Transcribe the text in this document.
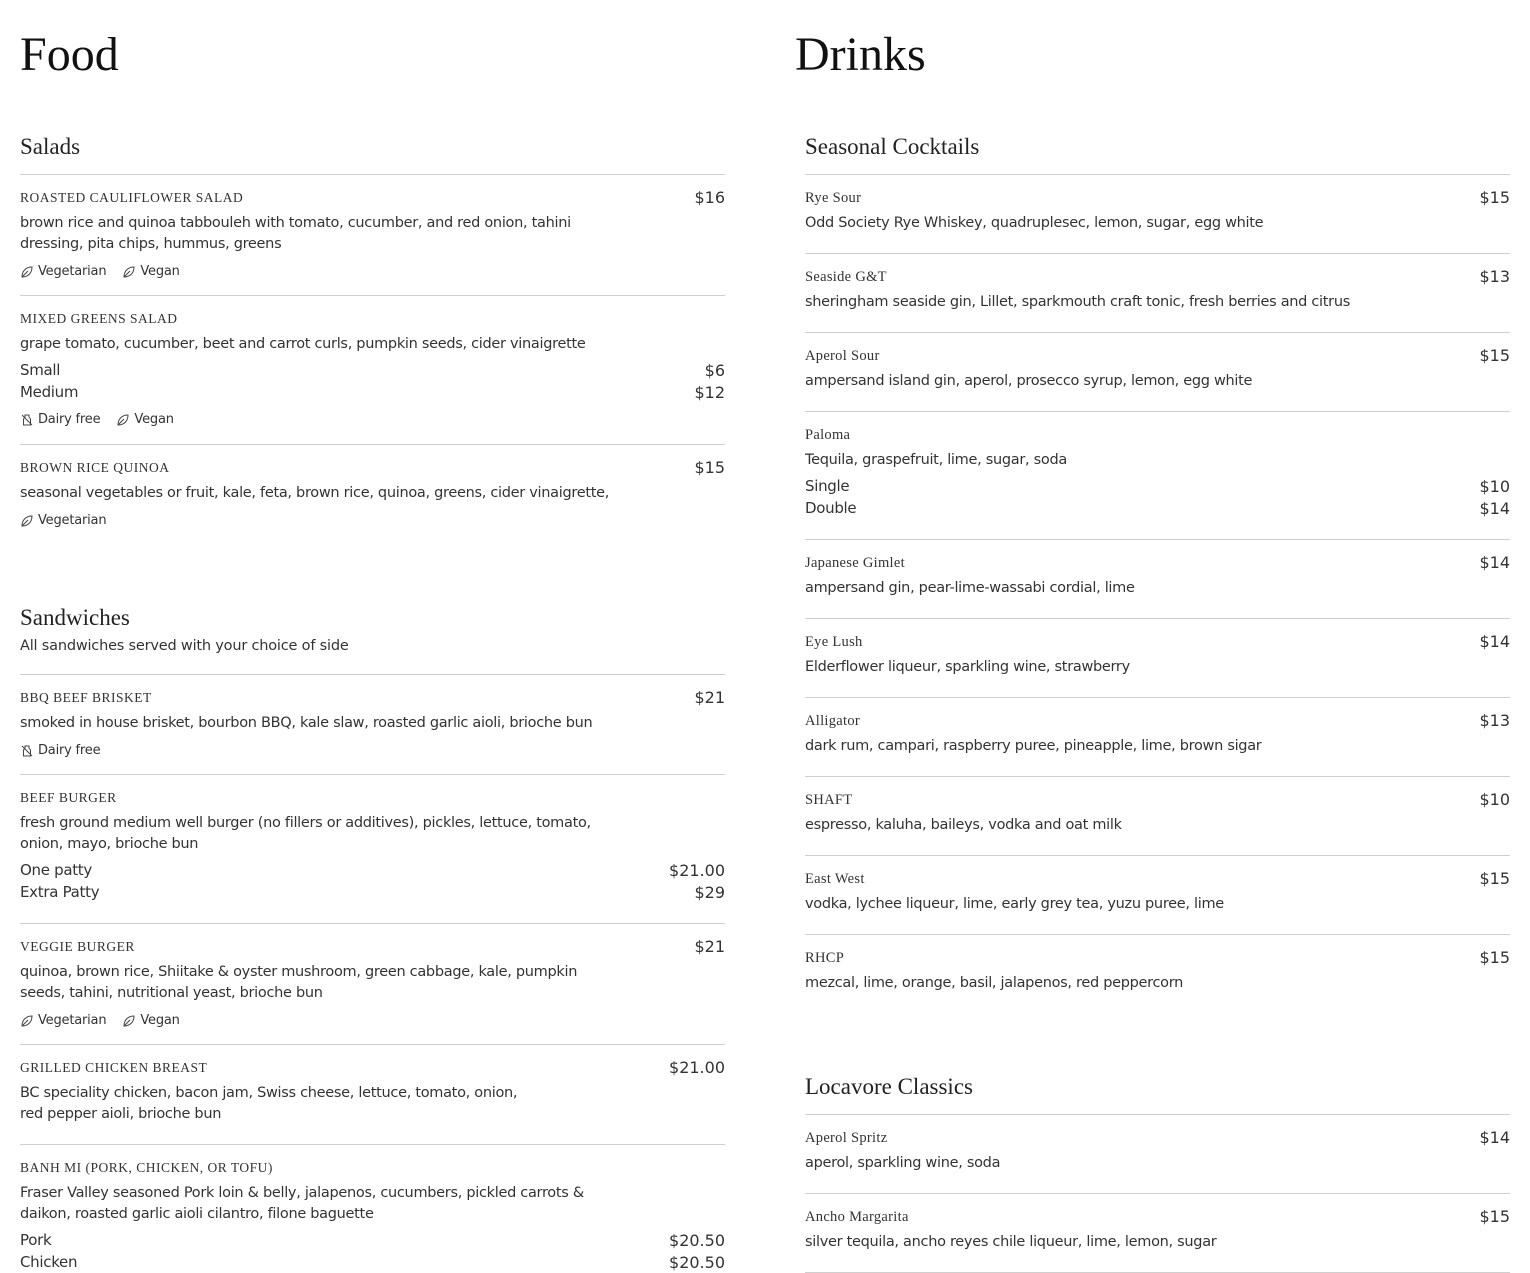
Food
Salads
ROASTED CAULIFLOWER SALAD	$16
brown rice and quinoa tabbouleh with tomato, cucumber, and red onion, tahini dressing, pita chips, hummus, greens
Vegetarian	Vegan
MIXED GREENS SALAD
grape tomato, cucumber, beet and carrot curls, pumpkin seeds, cider vinaigrette
Small	$6
Medium	$12
Dairy free	Vegan
BROWN RICE QUINOA	$15
seasonal vegetables or fruit, kale, feta, brown rice, quinoa, greens, cider vinaigrette,
Vegetarian
Sandwiches
All sandwiches served with your choice of side
BBQ BEEF BRISKET	$21
smoked in house brisket, bourbon BBQ, kale slaw, roasted garlic aioli, brioche bun
Dairy free
BEEF BURGER
fresh ground medium well burger (no fillers or additives), pickles, lettuce, tomato, onion, mayo, brioche bun
One patty	$21.00
Extra Patty	$29
VEGGIE BURGER	$21
quinoa, brown rice, Shiitake & oyster mushroom, green cabbage, kale, pumpkin seeds, tahini, nutritional yeast, brioche bun
Vegetarian	Vegan
GRILLED CHICKEN BREAST	$21.00
BC speciality chicken, bacon jam, Swiss cheese, lettuce, tomato, onion, red pepper aioli, brioche bun
BANH MI (PORK, CHICKEN, OR TOFU)
Fraser Valley seasoned Pork loin & belly, jalapenos, cucumbers, pickled carrots & daikon, roasted garlic aioli cilantro, filone baguette
Pork	$20.50
Chicken	$20.50
Drinks
Seasonal Cocktails
Rye Sour	$15
Odd Society Rye Whiskey, quadruplesec, lemon, sugar, egg white
Seaside G&T	$13
sheringham seaside gin, Lillet, sparkmouth craft tonic, fresh berries and citrus
Aperol Sour	$15
ampersand island gin, aperol, prosecco syrup, lemon, egg white
Paloma
Tequila, graspefruit, lime, sugar, soda
Single	$10
Double	$14
Japanese Gimlet	$14
ampersand gin, pear-lime-wassabi cordial, lime
Eye Lush	$14
Elderflower liqueur, sparkling wine, strawberry
Alligator	$13
dark rum, campari, raspberry puree, pineapple, lime, brown sigar
SHAFT	$10
espresso, kaluha, baileys, vodka and oat milk
East West	$15
vodka, lychee liqueur, lime, early grey tea, yuzu puree, lime
RHCP	$15
mezcal, lime, orange, basil, jalapenos, red peppercorn
Locavore Classics
Aperol Spritz	$14
aperol, sparkling wine, soda
Ancho Margarita	$15
silver tequila, ancho reyes chile liqueur, lime, lemon, sugar
